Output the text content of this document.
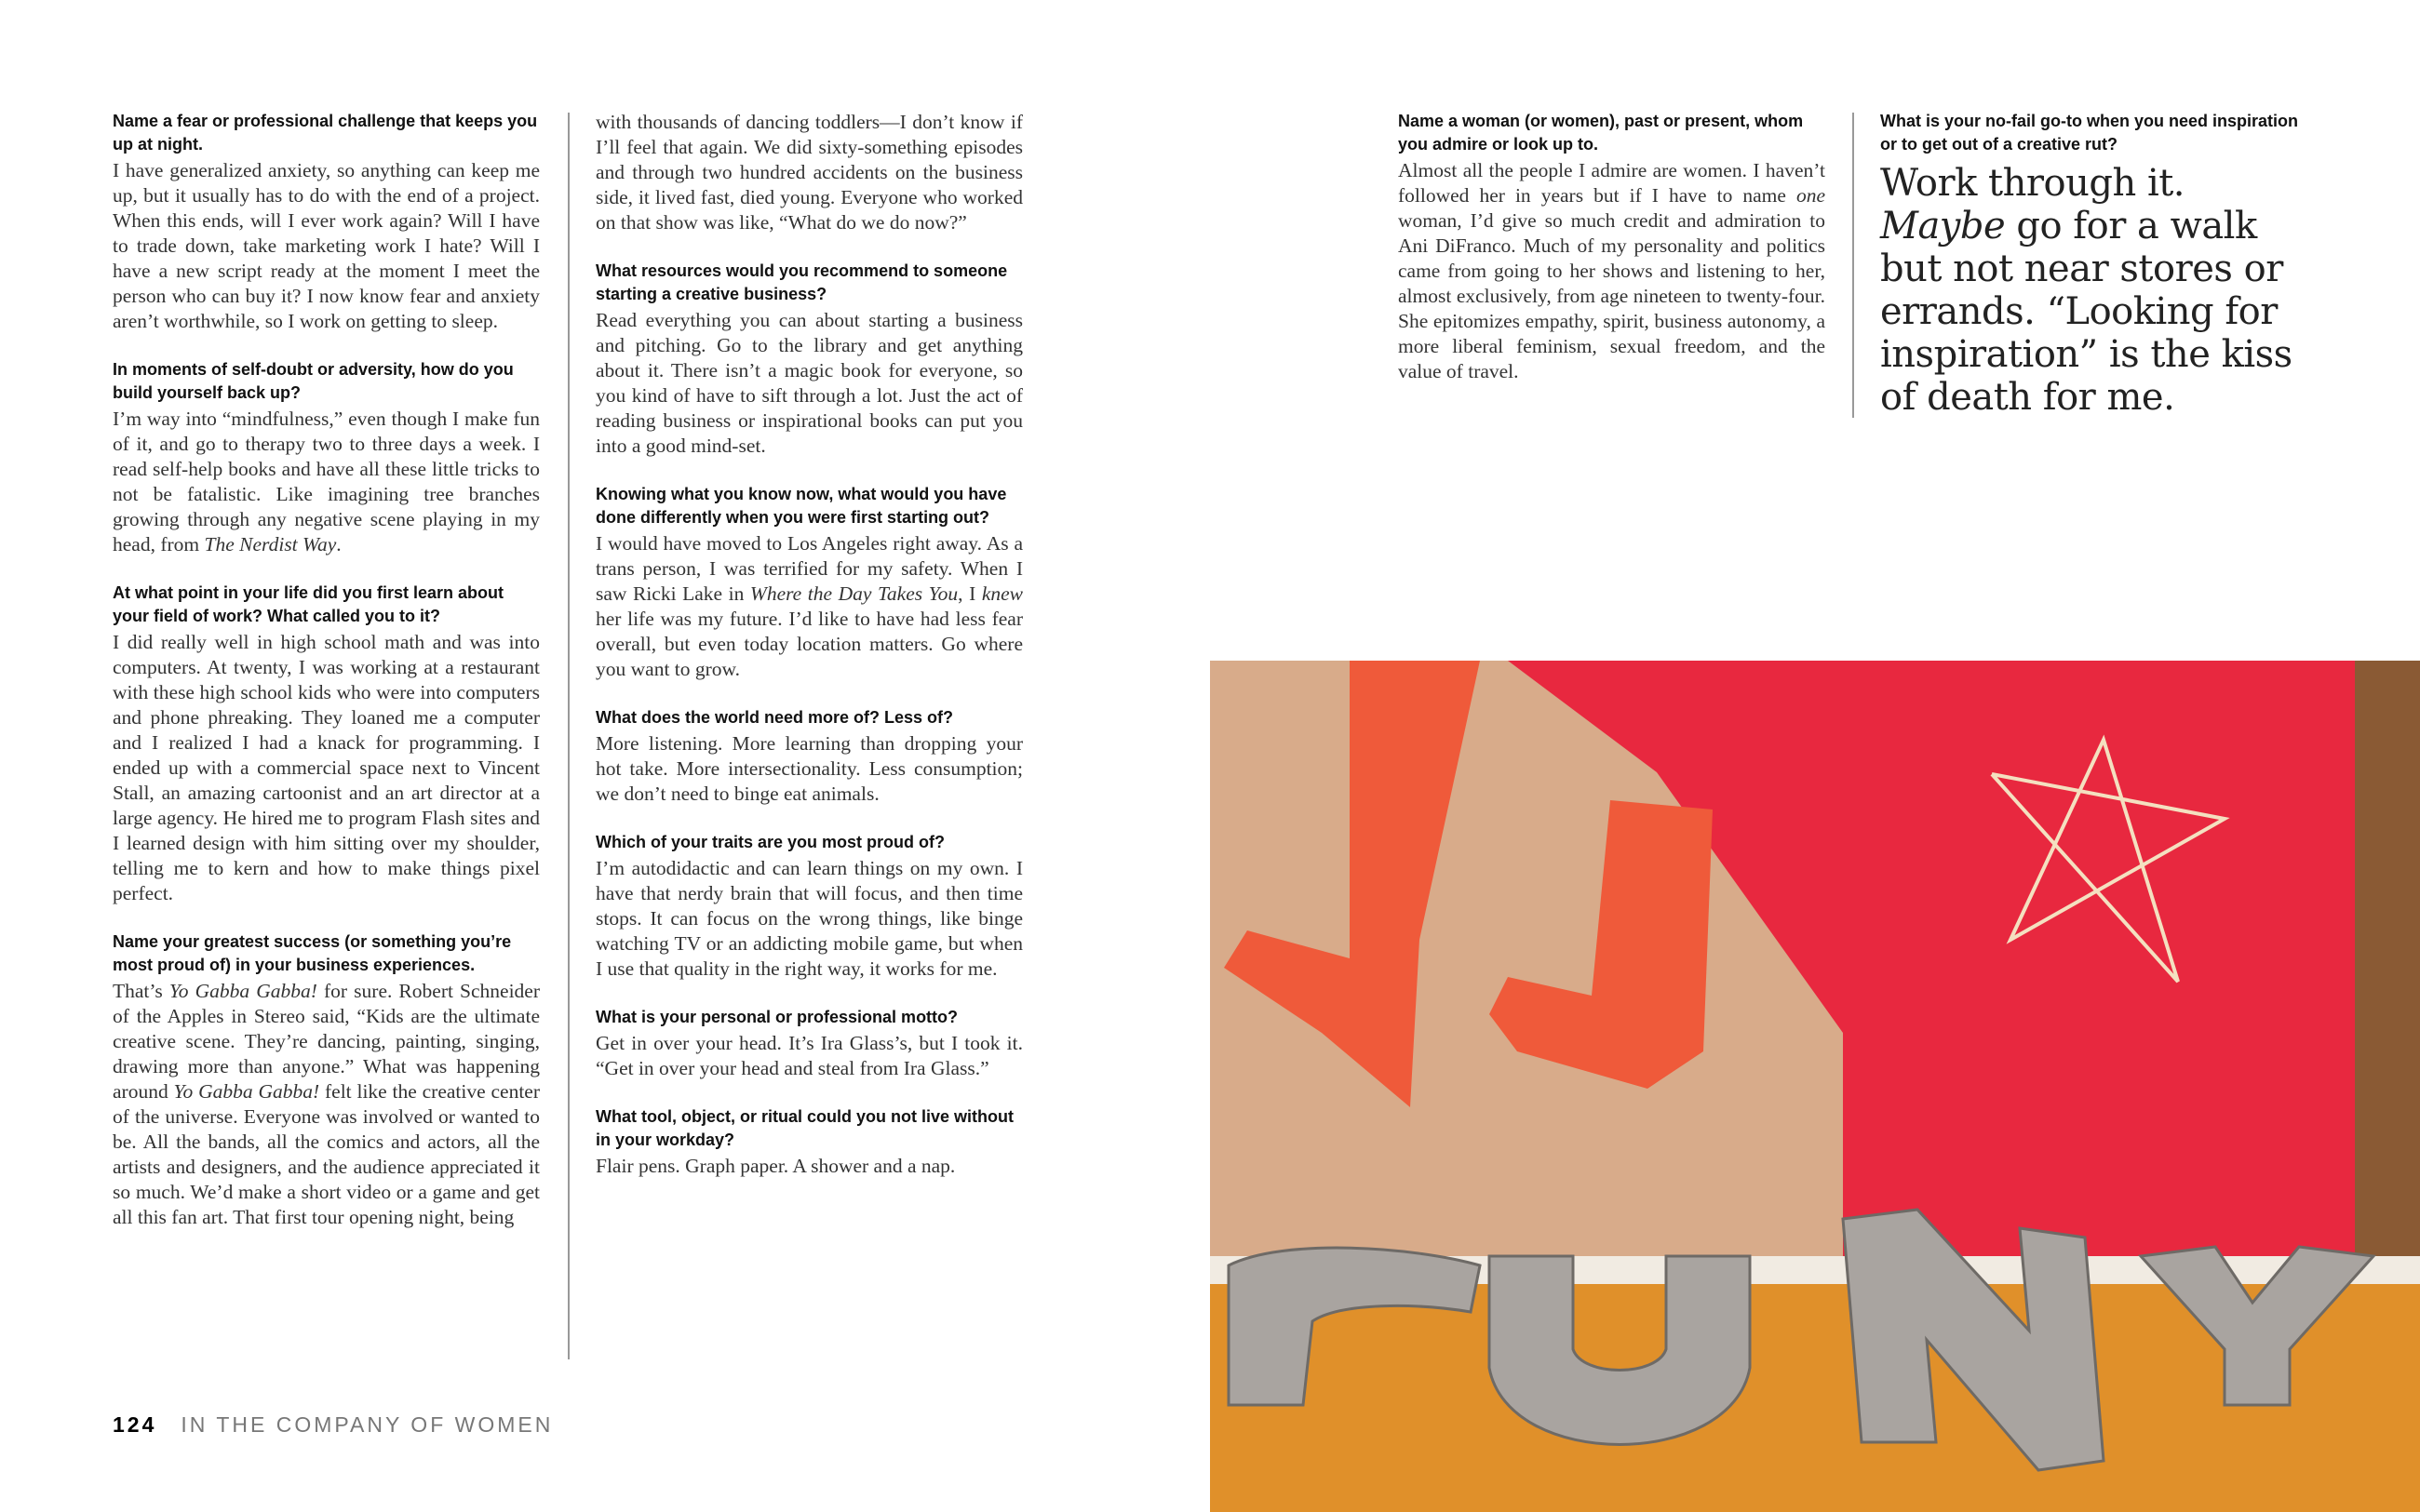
Name a fear or professional challenge that keeps you up at night.

I have generalized anxiety, so anything can keep me up, but it usually has to do with the end of a project. When this ends, will I ever work again? Will I have to trade down, take marketing work I hate? Will I have a new script ready at the moment I meet the person who can buy it? I now know fear and anxiety aren’t worthwhile, so I work on getting to sleep.

In moments of self-doubt or adversity, how do you build yourself back up?

I’m way into “mindfulness,” even though I make fun of it, and go to therapy two to three days a week. I read self-help books and have all these little tricks to not be fatalistic. Like imagining tree branches growing through any negative scene playing in my head, from The Nerdist Way.

At what point in your life did you first learn about your field of work? What called you to it?

I did really well in high school math and was into computers. At twenty, I was working at a restaurant with these high school kids who were into computers and phone phreaking. They loaned me a computer and I realized I had a knack for programming. I ended up with a commercial space next to Vincent Stall, an amazing cartoonist and an art director at a large agency. He hired me to program Flash sites and I learned design with him sitting over my shoulder, telling me to kern and how to make things pixel perfect.

Name your greatest success (or something you’re most proud of) in your business experiences.

That’s Yo Gabba Gabba! for sure. Robert Schneider of the Apples in Stereo said, “Kids are the ultimate creative scene. They’re dancing, painting, singing, drawing more than anyone.” What was happening around Yo Gabba Gabba! felt like the creative center of the universe. Everyone was involved or wanted to be. All the bands, all the comics and actors, all the artists and designers, and the audience appreciated it so much. We’d make a short video or a game and get all this fan art. That first tour opening night, being

with thousands of dancing toddlers—I don’t know if I’ll feel that again. We did sixty-something episodes and through two hundred accidents on the business side, it lived fast, died young. Everyone who worked on that show was like, “What do we do now?”

What resources would you recommend to someone starting a creative business?

Read everything you can about starting a business and pitching. Go to the library and get anything about it. There isn’t a magic book for everyone, so you kind of have to sift through a lot. Just the act of reading business or inspirational books can put you into a good mind-set.

Knowing what you know now, what would you have done differently when you were first starting out?

I would have moved to Los Angeles right away. As a trans person, I was terrified for my safety. When I saw Ricki Lake in Where the Day Takes You, I knew her life was my future. I’d like to have had less fear overall, but even today location matters. Go where you want to grow.

What does the world need more of? Less of?

More listening. More learning than dropping your hot take. More intersectionality. Less consumption; we don’t need to binge eat animals.

Which of your traits are you most proud of?

I’m autodidactic and can learn things on my own. I have that nerdy brain that will focus, and then time stops. It can focus on the wrong things, like binge watching TV or an addicting mobile game, but when I use that quality in the right way, it works for me.

What is your personal or professional motto?

Get in over your head. It’s Ira Glass’s, but I took it. “Get in over your head and steal from Ira Glass.”

What tool, object, or ritual could you not live without in your workday?

Flair pens. Graph paper. A shower and a nap.

124 IN THE COMPANY OF WOMEN

Name a woman (or women), past or present, whom you admire or look up to.

Almost all the people I admire are women. I haven’t followed her in years but if I have to name one woman, I’d give so much credit and admiration to Ani DiFranco. Much of my personality and politics came from going to her shows and listening to her, almost exclusively, from age nineteen to twenty-four. She epitomizes empathy, spirit, business autonomy, a more liberal feminism, sexual freedom, and the value of travel.

What is your no-fail go-to when you need inspiration or to get out of a creative rut?

Work through it. Maybe go for a walk but not near stores or errands. “Looking for inspiration” is the kiss of death for me.
